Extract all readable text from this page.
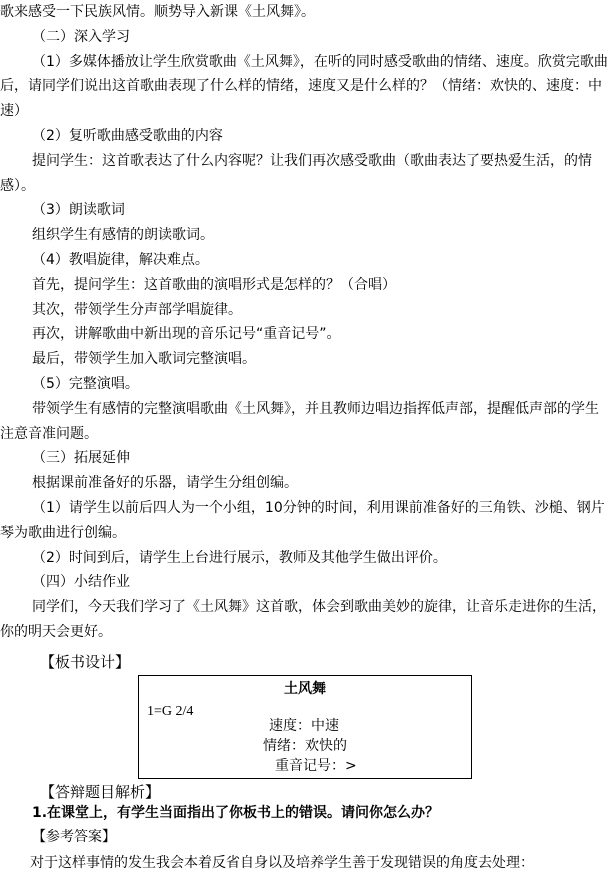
歌来感受一下民族风情。顺势导入新课《土风舞》。

（二）深入学习

（1）多媒体播放让学生欣赏歌曲《土风舞》，在听的同时感受歌曲的情绪、速度。欣赏完歌曲后，请同学们说出这首歌曲表现了什么样的情绪，速度又是什么样的？（情绪：欢快的、速度：中速）

（2）复听歌曲感受歌曲的内容

提问学生：这首歌表达了什么内容呢？让我们再次感受歌曲（歌曲表达了要热爱生活，的情感）。

（3）朗读歌词

组织学生有感情的朗读歌词。

（4）教唱旋律，解决难点。

首先，提问学生：这首歌曲的演唱形式是怎样的？（合唱）

其次，带领学生分声部学唱旋律。

再次，讲解歌曲中新出现的音乐记号“重音记号”。

最后，带领学生加入歌词完整演唱。

（5）完整演唱。

带领学生有感情的完整演唱歌曲《土风舞》，并且教师边唱边指挥低声部，提醒低声部的学生注意音准问题。

（三）拓展延伸

根据课前准备好的乐器，请学生分组创编。

（1）请学生以前后四人为一个小组，10分钟的时间，利用课前准备好的三角铁、沙槌、钢片琴为歌曲进行创编。

（2）时间到后，请学生上台进行展示，教师及其他学生做出评价。

（四）小结作业

同学们，今天我们学习了《土风舞》这首歌，体会到歌曲美妙的旋律，让音乐走进你的生活，你的明天会更好。

【板书设计】
土风舞
1=G 2/4
速度：中速
情绪：欢快的
重音记号：>
【答辩题目解析】
1.在课堂上，有学生当面指出了你板书上的错误。请问你怎么办？
【参考答案】
对于这样事情的发生我会本着反省自身以及培养学生善于发现错误的角度去处理：
